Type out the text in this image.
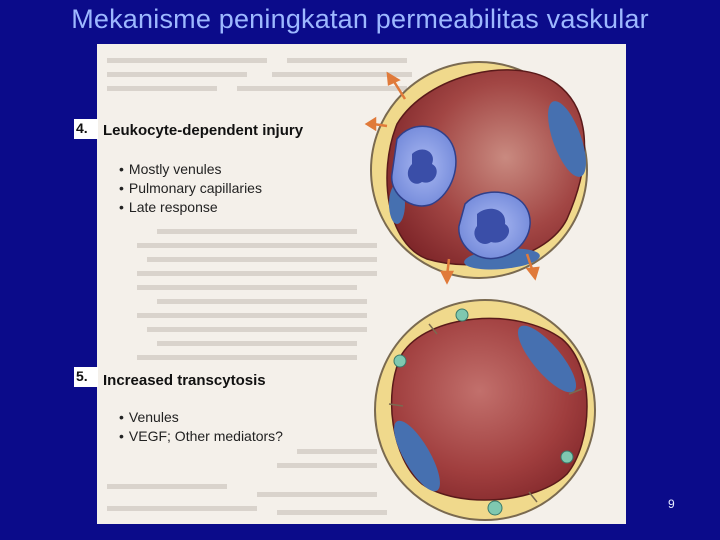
Mekanisme peningkatan permeabilitas vaskular
Leukocyte-dependent injury
• Mostly venules
• Pulmonary capillaries
• Late response
Increased transcytosis
• Venules
• VEGF; Other mediators?
4.
5.
9
